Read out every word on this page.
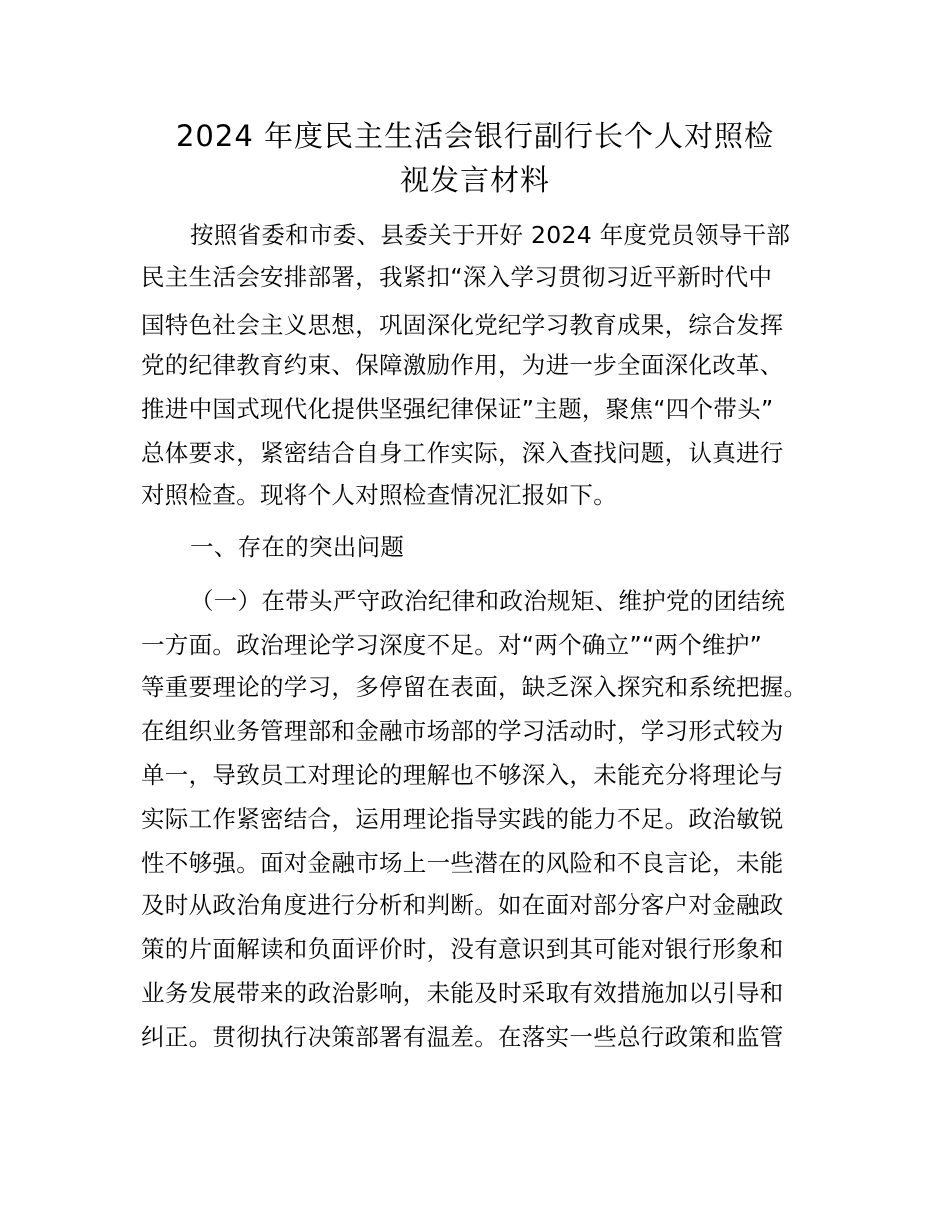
2024 年度民主生活会银行副行长个人对照检
视发言材料
按照省委和市委、县委关于开好 2024 年度党员领导干部
民主生活会安排部署，我紧扣“深入学习贯彻习近平新时代中
国特色社会主义思想，巩固深化党纪学习教育成果，综合发挥
党的纪律教育约束、保障激励作用，为进一步全面深化改革、
推进中国式现代化提供坚强纪律保证”主题，聚焦“四个带头”
总体要求，紧密结合自身工作实际，深入查找问题，认真进行
对照检查。现将个人对照检查情况汇报如下。
一、存在的突出问题
（一）在带头严守政治纪律和政治规矩、维护党的团结统
一方面。政治理论学习深度不足。对“两个确立”“两个维护”
等重要理论的学习，多停留在表面，缺乏深入探究和系统把握。
在组织业务管理部和金融市场部的学习活动时，学习形式较为
单一，导致员工对理论的理解也不够深入，未能充分将理论与
实际工作紧密结合，运用理论指导实践的能力不足。政治敏锐
性不够强。面对金融市场上一些潜在的风险和不良言论，未能
及时从政治角度进行分析和判断。如在面对部分客户对金融政
策的片面解读和负面评价时，没有意识到其可能对银行形象和
业务发展带来的政治影响，未能及时采取有效措施加以引导和
纠正。贯彻执行决策部署有温差。在落实一些总行政策和监管
